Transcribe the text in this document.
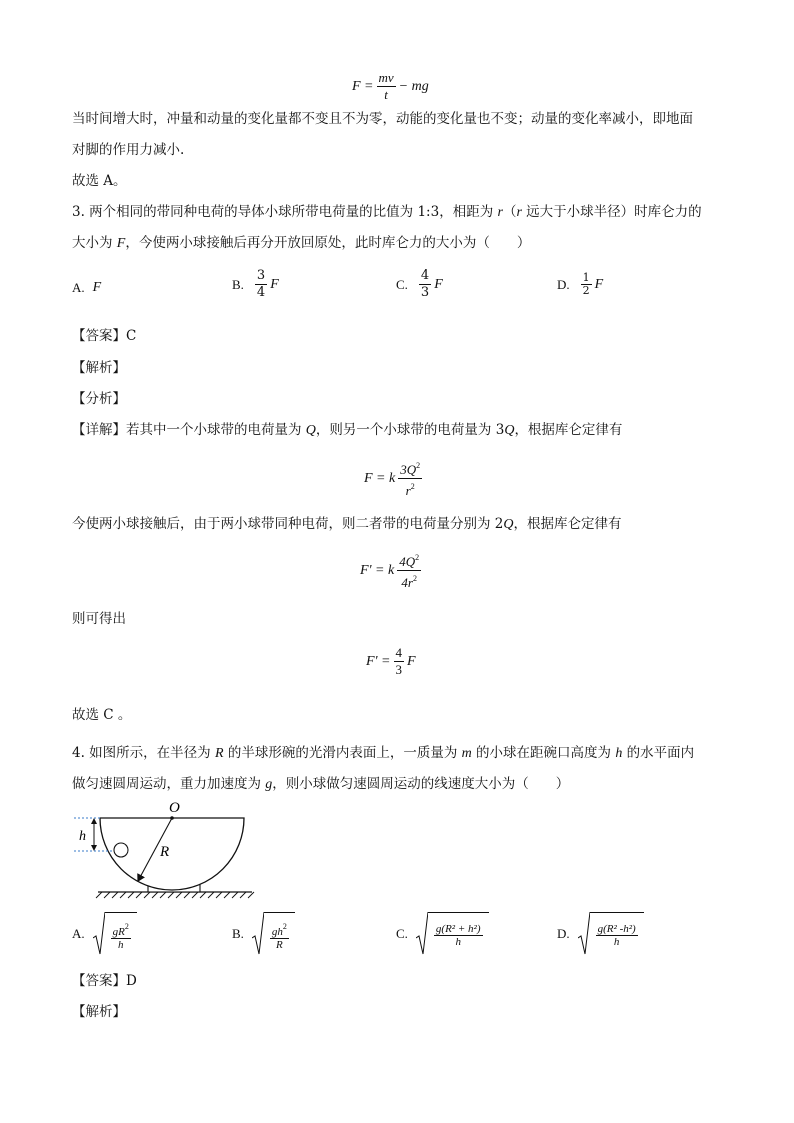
$F = \frac{mv}{t}$ − mg
当时间增大时，冲量和动量的变化量都不变且不为零，动能的变化量也不变；动量的变化率减小，即地面
对脚的作用力减小.
故选 A。
3. 两个相同的带同种电荷的导体小球所带电荷量的比值为 1:3，相距为 r（r 远大于小球半径）时库仑力的
大小为 F，今使两小球接触后再分开放回原处，此时库仑力的大小为（　　）
A. F	B. $\frac{3}{4}$ F	C. $\frac{4}{3}$ F	D. $\frac{1}{2}$ F
【答案】C
【解析】
【分析】
【详解】若其中一个小球带的电荷量为 Q，则另一个小球带的电荷量为 3Q，根据库仑定律有
F = k $\frac{3Q^2}{r^2}$
今使两小球接触后，由于两小球带同种电荷，则二者带的电荷量分别为 2Q，根据库仑定律有
F' = k $\frac{4Q^2}{4r^2}$
则可得出
$F' = \frac{4}{3}$ F
故选 C 。
4. 如图所示，在半径为 R 的半球形碗的光滑内表面上，一质量为 m 的小球在距碗口高度为 h 的水平面内
做匀速圆周运动，重力加速度为 g，则小球做匀速圆周运动的线速度大小为（　　）
O
R
h
A. $\frac{gR^2}{h}$	B. $\frac{gh^2}{R}$	C. $\frac{\text{g(R² + h²)}}{h}$	D. $\frac{\text{g(R² -h²)}}{h}$
【答案】D
【解析】
